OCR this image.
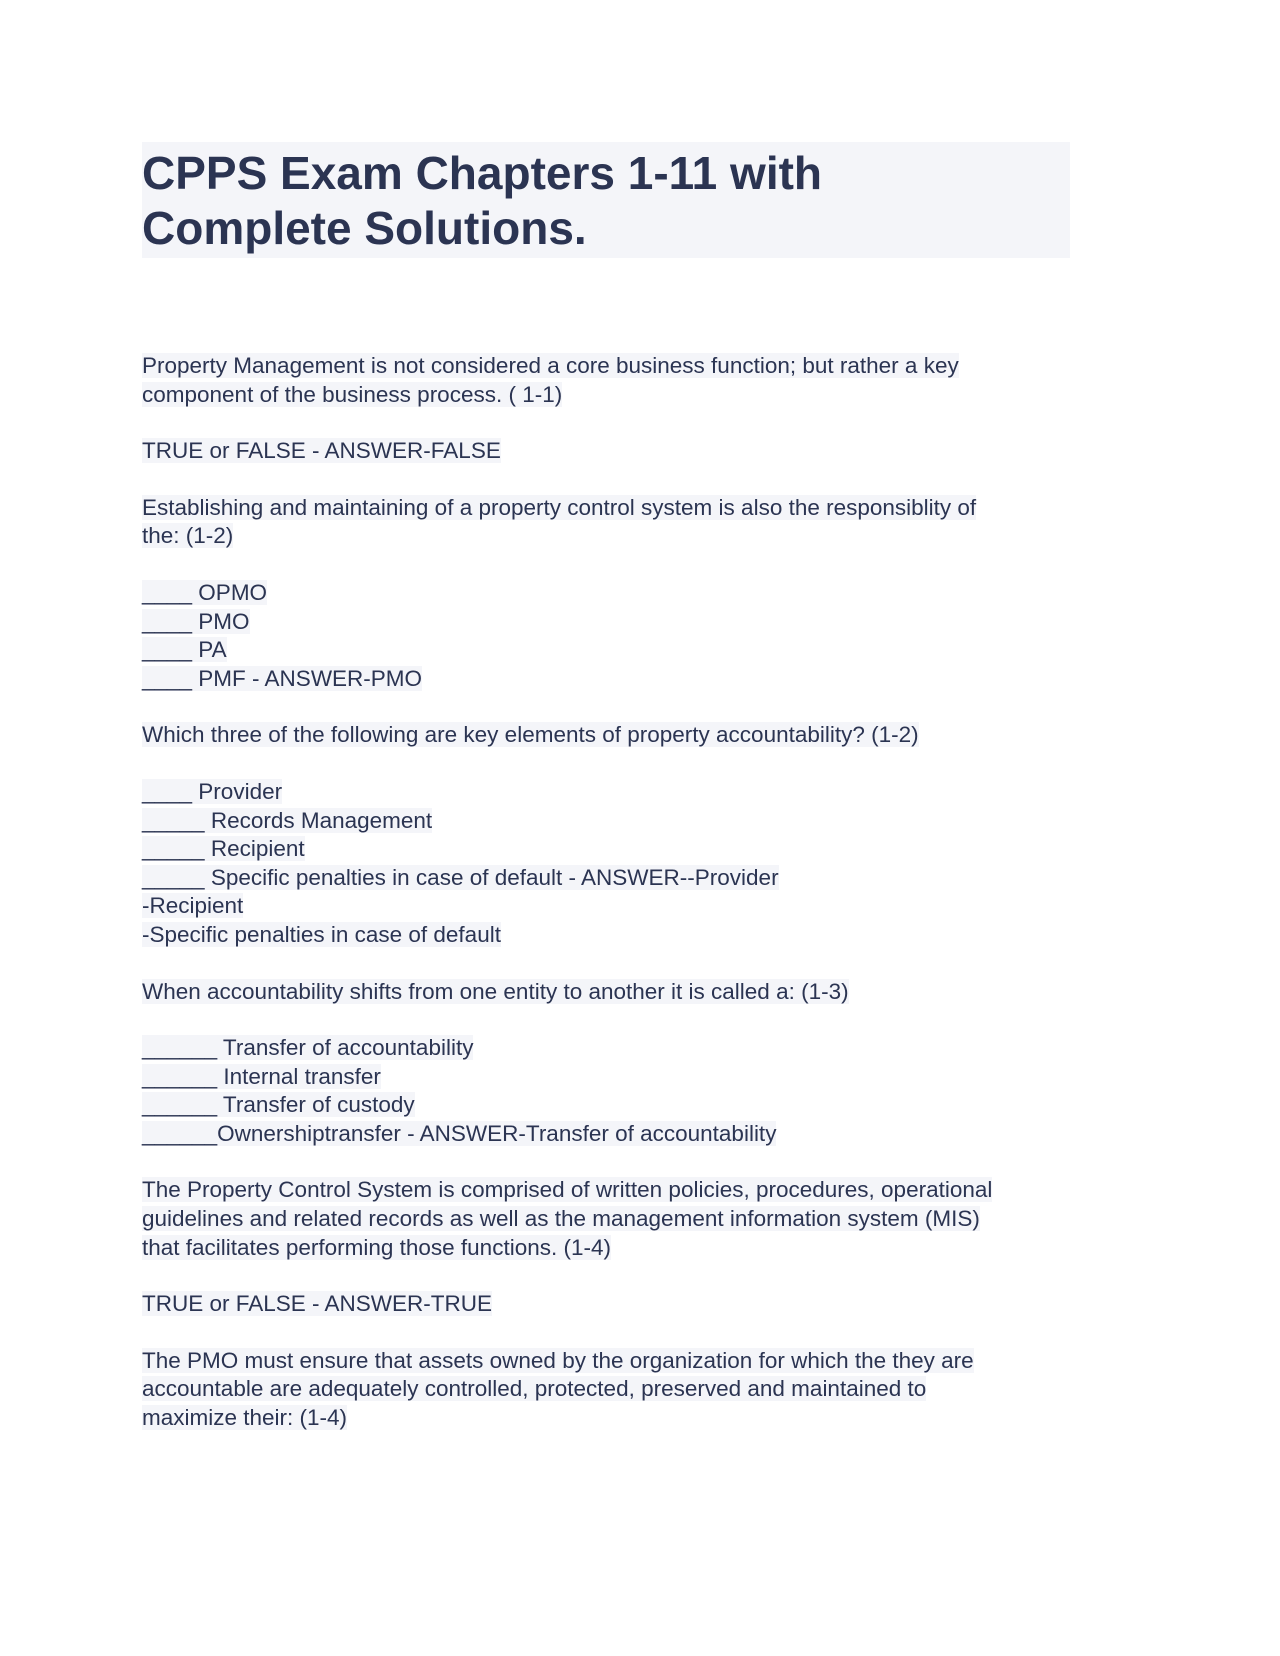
CPPS Exam Chapters 1-11 with
Complete Solutions.
Property Management is not considered a core business function; but rather a key
component of the business process. ( 1-1)
TRUE or FALSE - ANSWER-FALSE
Establishing and maintaining of a property control system is also the responsiblity of
the: (1-2)
____ OPMO
____ PMO
____ PA
____ PMF - ANSWER-PMO
Which three of the following are key elements of property accountability? (1-2)
____ Provider
_____ Records Management
_____ Recipient
_____ Specific penalties in case of default - ANSWER--Provider
-Recipient
-Specific penalties in case of default
When accountability shifts from one entity to another it is called a: (1-3)
______ Transfer of accountability
______ Internal transfer
______ Transfer of custody
______Ownershiptransfer - ANSWER-Transfer of accountability
The Property Control System is comprised of written policies, procedures, operational
guidelines and related records as well as the management information system (MIS)
that facilitates performing those functions. (1-4)
TRUE or FALSE - ANSWER-TRUE
The PMO must ensure that assets owned by the organization for which the they are
accountable are adequately controlled, protected, preserved and maintained to
maximize their: (1-4)
